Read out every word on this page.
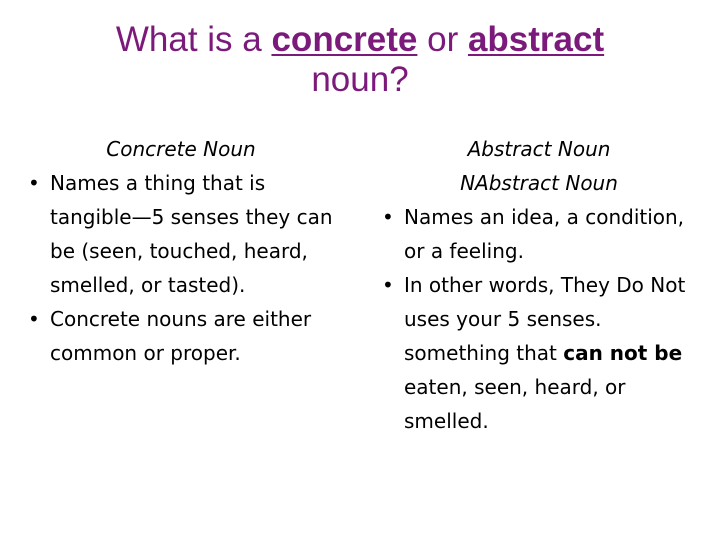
What is a concrete or abstract
noun?
Concrete Noun
• Names a thing that is tangible—5 senses they can be (seen, touched, heard, smelled, or tasted).
• Concrete nouns are either common or proper.
Abstract Noun
NAbstract Noun
• Names an idea, a condition, or a feeling.
• In other words, They Do Not uses your 5 senses.
something that can not be eaten, seen, heard, or smelled.
